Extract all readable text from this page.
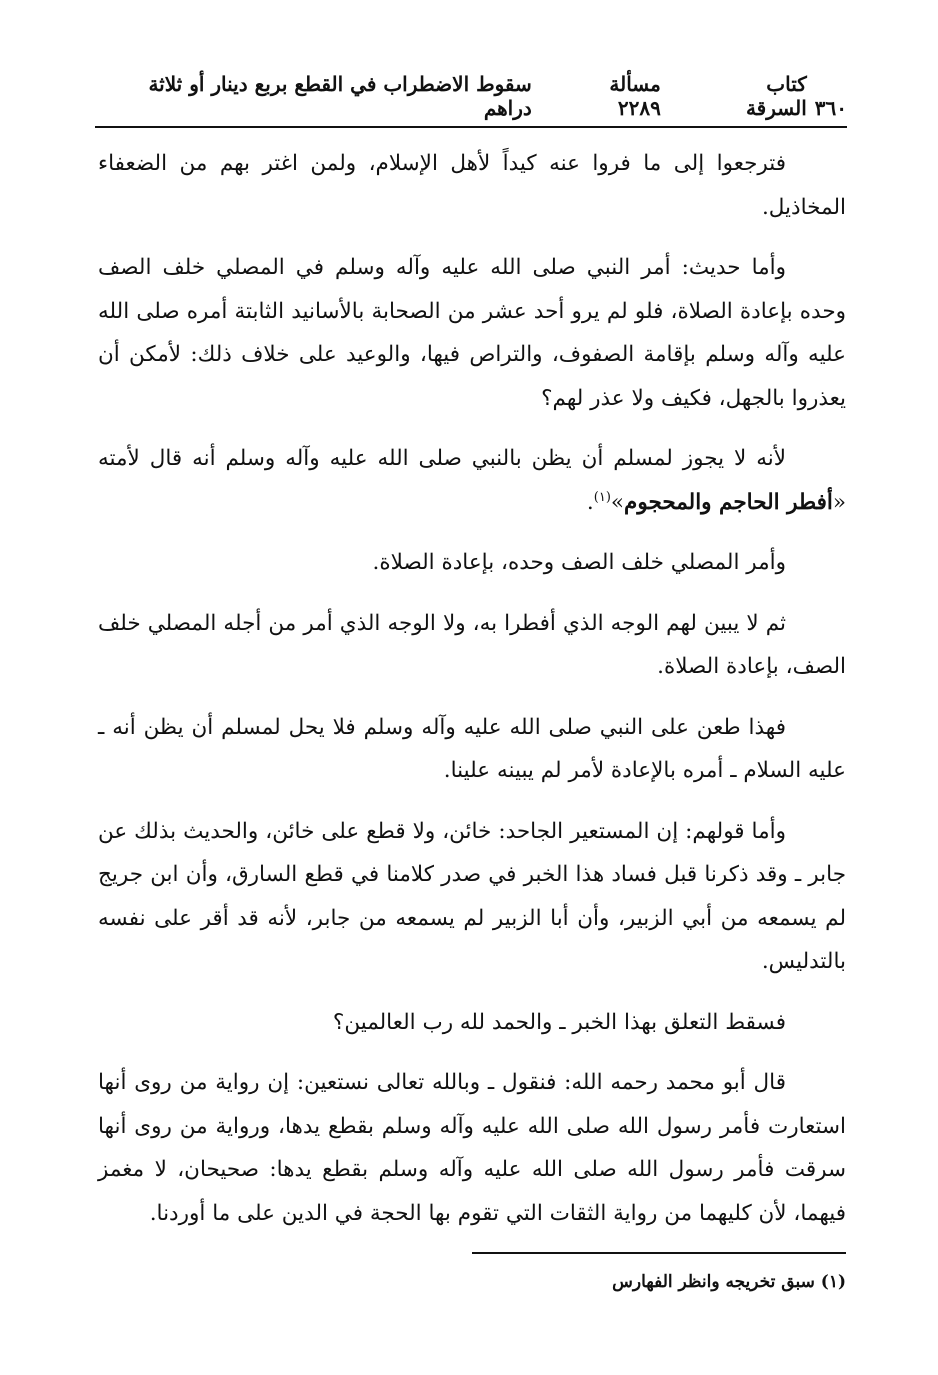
٣٦٠
كتاب السرقة
مسألة ٢٢٨٩
سقوط الاضطراب في القطع بربع دينار أو ثلاثة دراهم

فترجعوا إلى ما فروا عنه كيداً لأهل الإسلام، ولمن اغتر بهم من الضعفاء المخاذيل.

وأما حديث: أمر النبي صلى الله عليه وآله وسلم في المصلي خلف الصف وحده بإعادة الصلاة، فلو لم يرو أحد عشر من الصحابة بالأسانيد الثابتة أمره صلى الله عليه وآله وسلم بإقامة الصفوف، والتراص فيها، والوعيد على خلاف ذلك: لأمكن أن يعذروا بالجهل، فكيف ولا عذر لهم؟

لأنه لا يجوز لمسلم أن يظن بالنبي صلى الله عليه وآله وسلم أنه قال لأمته «أفطر الحاجم والمحجوم»$^{(١)}$.

وأمر المصلي خلف الصف وحده، بإعادة الصلاة.

ثم لا يبين لهم الوجه الذي أفطرا به، ولا الوجه الذي أمر من أجله المصلي خلف الصف، بإعادة الصلاة.

فهذا طعن على النبي صلى الله عليه وآله وسلم فلا يحل لمسلم أن يظن أنه ـ عليه السلام ـ أمره بالإعادة لأمر لم يبينه علينا.

وأما قولهم: إن المستعير الجاحد: خائن، ولا قطع على خائن، والحديث بذلك عن جابر ـ وقد ذكرنا قبل فساد هذا الخبر في صدر كلامنا في قطع السارق، وأن ابن جريج لم يسمعه من أبي الزبير، وأن أبا الزبير لم يسمعه من جابر، لأنه قد أقر على نفسه بالتدليس.

فسقط التعلق بهذا الخبر ـ والحمد لله رب العالمين؟

قال أبو محمد رحمه الله: فنقول ـ وبالله تعالى نستعين: إن رواية من روى أنها استعارت فأمر رسول الله صلى الله عليه وآله وسلم بقطع يدها، ورواية من روى أنها سرقت فأمر رسول الله صلى الله عليه وآله وسلم بقطع يدها: صحيحان، لا مغمز فيهما، لأن كليهما من رواية الثقات التي تقوم بها الحجة في الدين على ما أوردنا.

(١) سبق تخريجه وانظر الفهارس
